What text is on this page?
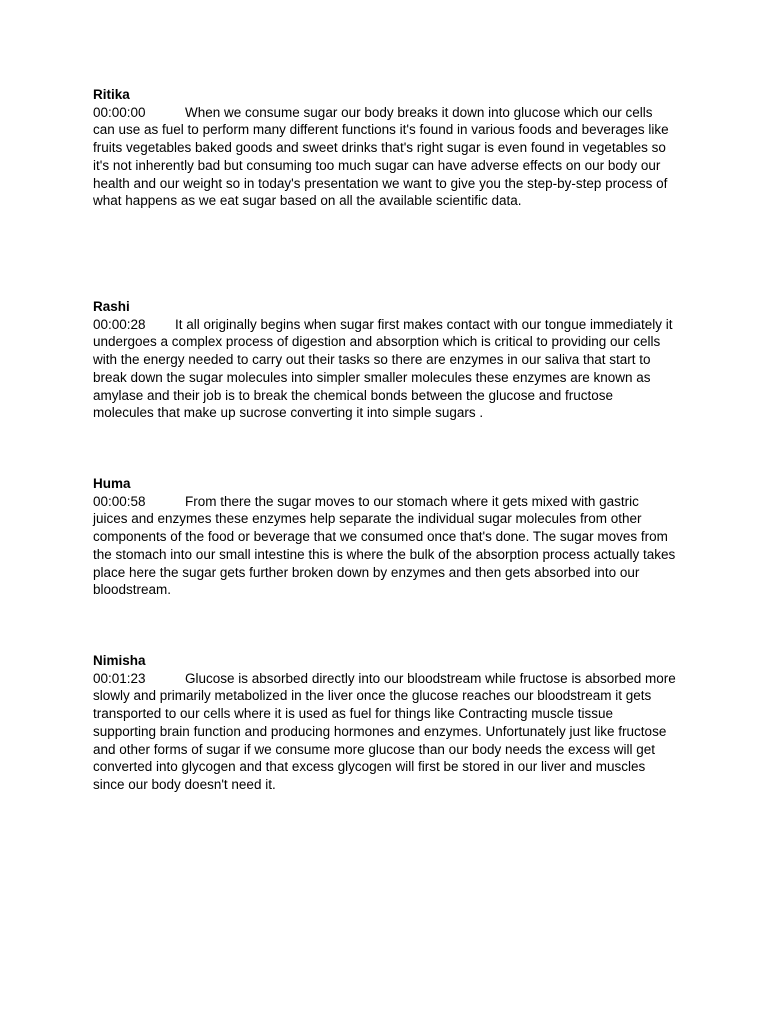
Ritika
00:00:00	When we consume sugar our body breaks it down into glucose which our cells can use as fuel to perform many different functions it's found in various foods and beverages like fruits vegetables baked goods and sweet drinks that's right sugar is even found in vegetables so it's not inherently bad but consuming too much sugar can have adverse effects on our body our health and our weight so in today's presentation we want to give you the step-by-step process of what happens as we eat sugar based on all the available scientific data.
Rashi
00:00:28 It all originally begins when sugar first makes contact with our tongue immediately it undergoes a complex process of digestion and absorption which is critical to providing our cells with the energy needed to carry out their tasks so there are enzymes in our saliva that start to break down the sugar molecules into simpler smaller molecules these enzymes are known as amylase and their job is to break the chemical bonds between the glucose and fructose molecules that make up sucrose converting it into simple sugars .
Huma
00:00:58	From there the sugar moves to our stomach where it gets mixed with gastric juices and enzymes these enzymes help separate the individual sugar molecules from other components of the food or beverage that we consumed once that's done. The sugar moves from the stomach into our small intestine this is where the bulk of the absorption process actually takes place here the sugar gets further broken down by enzymes and then gets absorbed into our bloodstream.
Nimisha
00:01:23	Glucose is absorbed directly into our bloodstream while fructose is absorbed more slowly and primarily metabolized in the liver once the glucose reaches our bloodstream it gets transported to our cells where it is used as fuel for things like Contracting muscle tissue supporting brain function and producing hormones and enzymes. Unfortunately just like fructose and other forms of sugar if we consume more glucose than our body needs the excess will get converted into glycogen and that excess glycogen will first be stored in our liver and muscles since our body doesn't need it.
